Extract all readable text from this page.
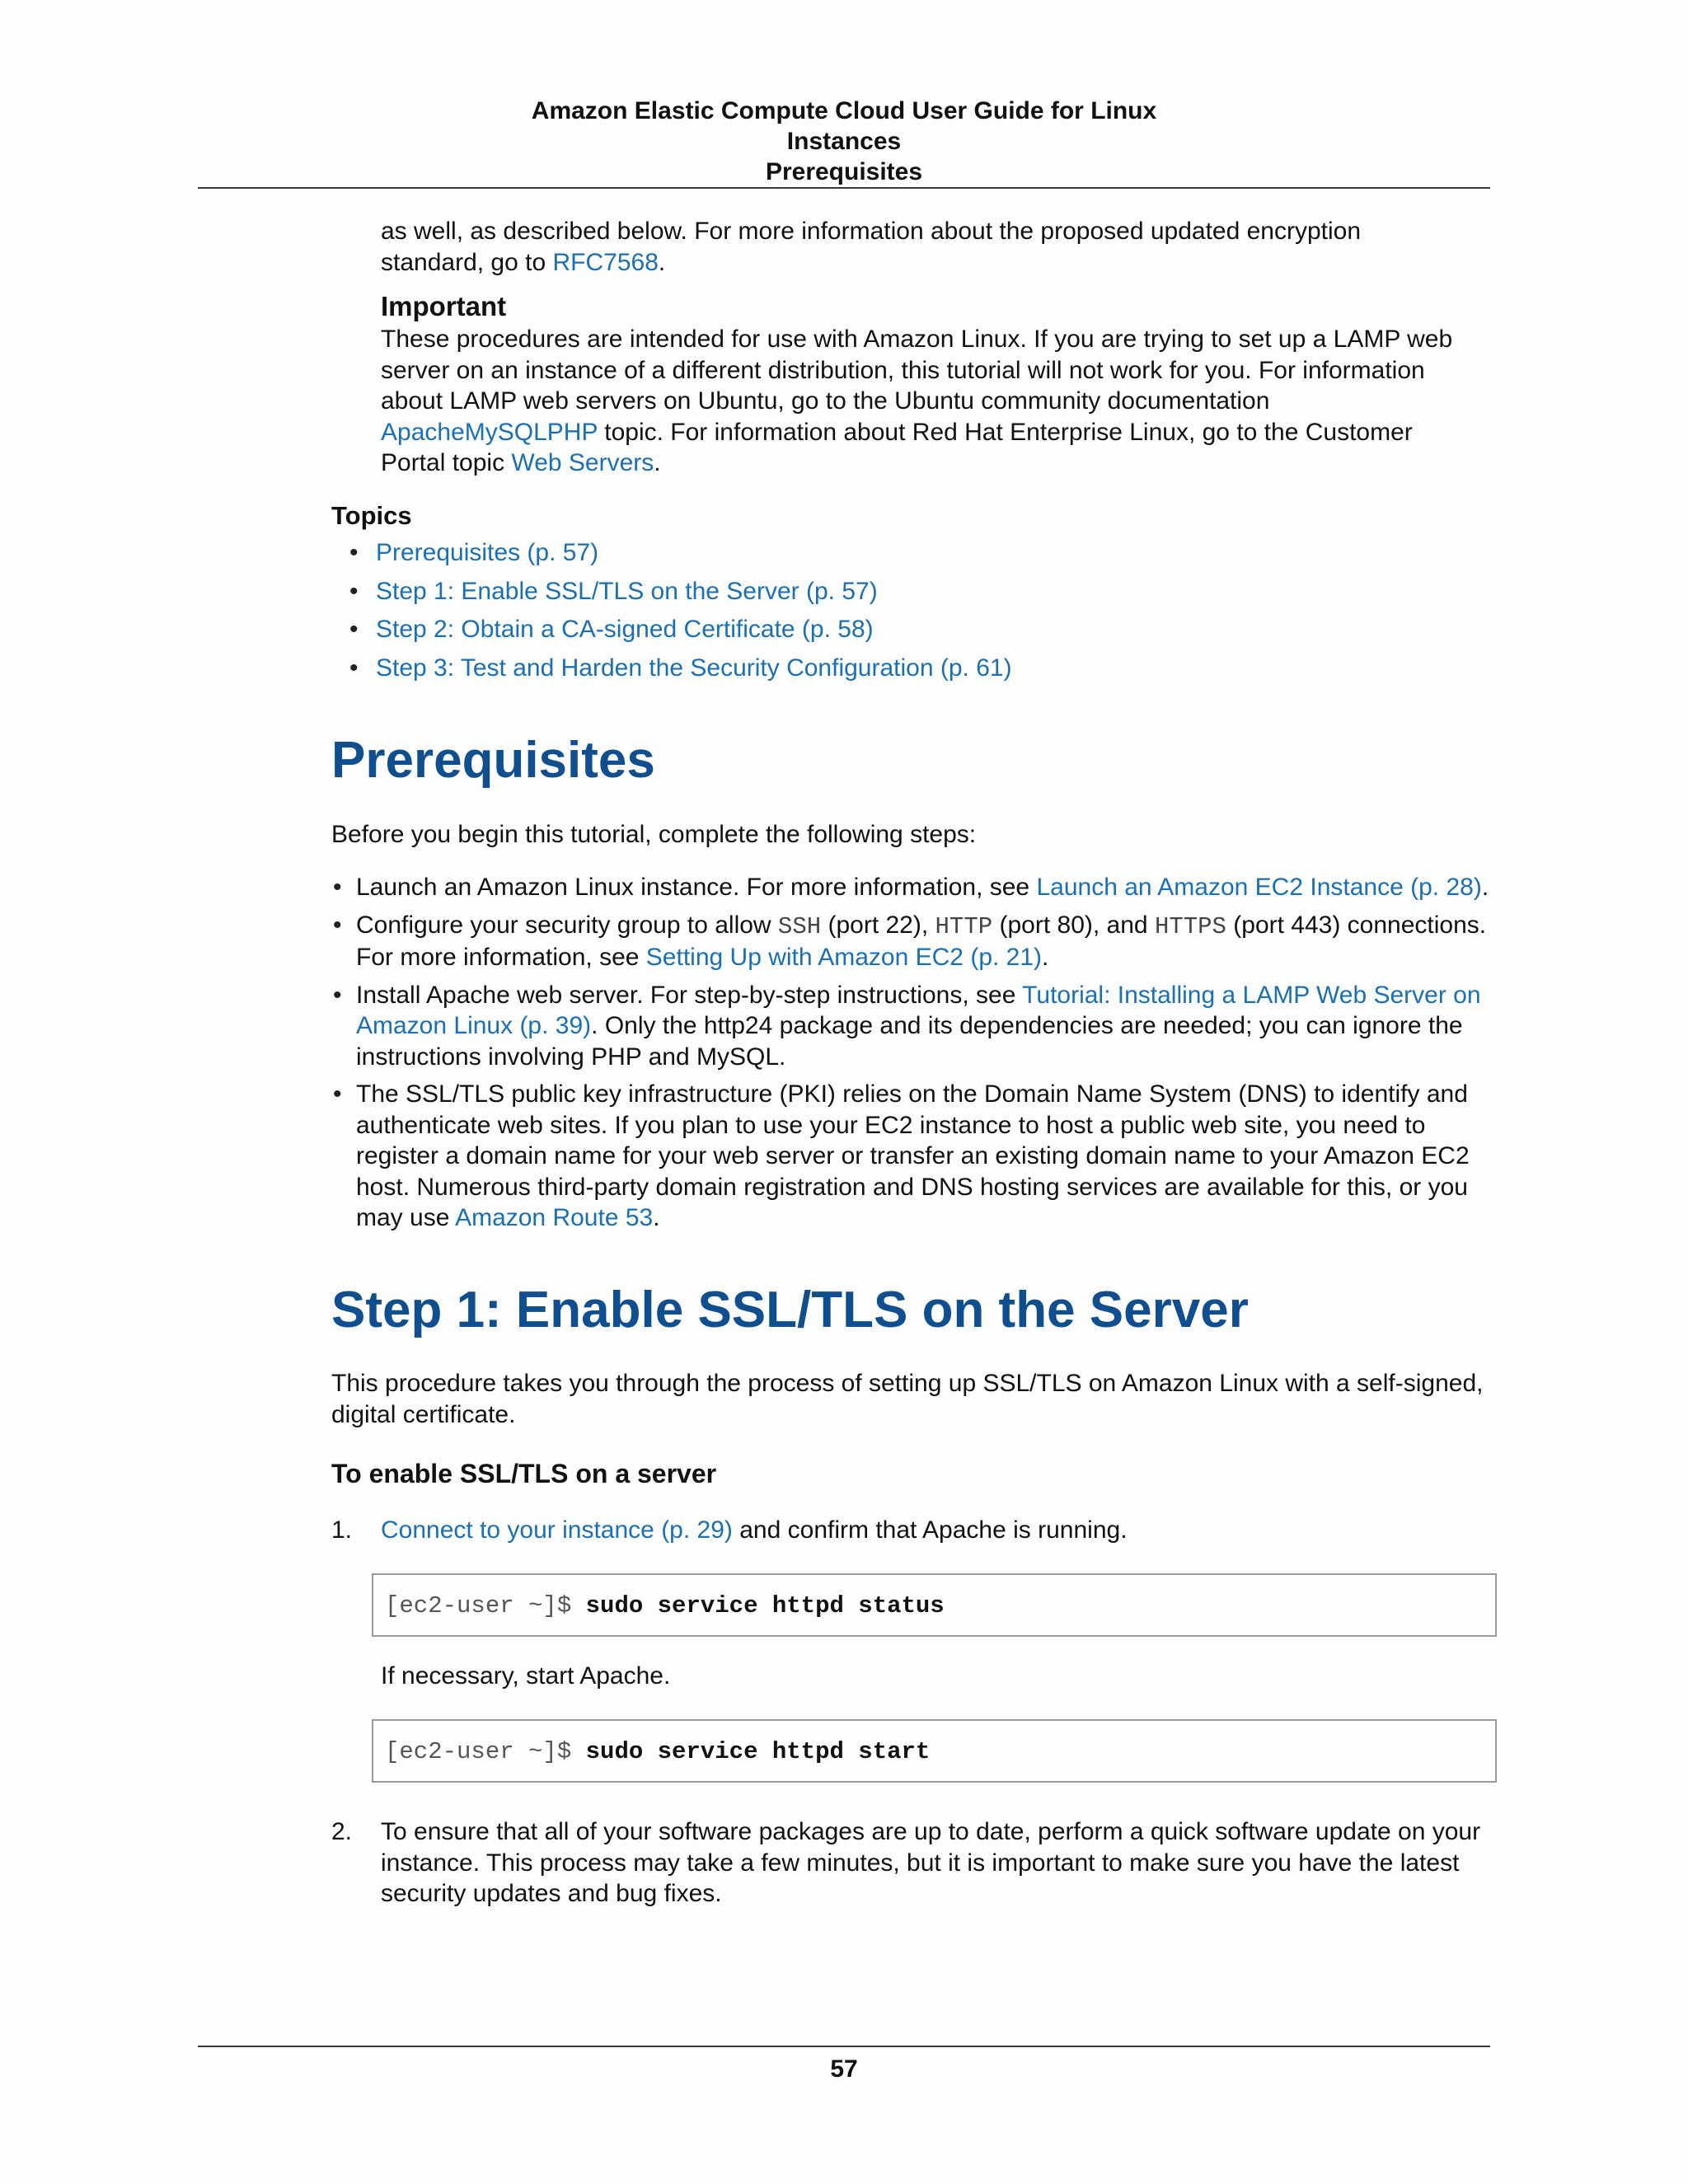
Amazon Elastic Compute Cloud User Guide for Linux
Instances
Prerequisites

as well, as described below. For more information about the proposed updated encryption standard, go to RFC7568.

Important

These procedures are intended for use with Amazon Linux. If you are trying to set up a LAMP web server on an instance of a different distribution, this tutorial will not work for you. For information about LAMP web servers on Ubuntu, go to the Ubuntu community documentation ApacheMySQLPHP topic. For information about Red Hat Enterprise Linux, go to the Customer Portal topic Web Servers.

Topics
• Prerequisites (p. 57)
• Step 1: Enable SSL/TLS on the Server (p. 57)
• Step 2: Obtain a CA-signed Certificate (p. 58)
• Step 3: Test and Harden the Security Configuration (p. 61)
Prerequisites

Before you begin this tutorial, complete the following steps:

• Launch an Amazon Linux instance. For more information, see Launch an Amazon EC2 Instance (p. 28).
• Configure your security group to allow SSH (port 22), HTTP (port 80), and HTTPS (port 443) connections. For more information, see Setting Up with Amazon EC2 (p. 21).
• Install Apache web server. For step-by-step instructions, see Tutorial: Installing a LAMP Web Server on Amazon Linux (p. 39). Only the http24 package and its dependencies are needed; you can ignore the instructions involving PHP and MySQL.
• The SSL/TLS public key infrastructure (PKI) relies on the Domain Name System (DNS) to identify and authenticate web sites. If you plan to use your EC2 instance to host a public web site, you need to register a domain name for your web server or transfer an existing domain name to your Amazon EC2 host. Numerous third-party domain registration and DNS hosting services are available for this, or you may use Amazon Route 53.
Step 1: Enable SSL/TLS on the Server

This procedure takes you through the process of setting up SSL/TLS on Amazon Linux with a self-signed, digital certificate.

To enable SSL/TLS on a server
1. Connect to your instance (p. 29) and confirm that Apache is running.

[ec2-user ~]$ sudo service httpd status

If necessary, start Apache.

[ec2-user ~]$ sudo service httpd start
2. To ensure that all of your software packages are up to date, perform a quick software update on your instance. This process may take a few minutes, but it is important to make sure you have the latest security updates and bug fixes.

57
